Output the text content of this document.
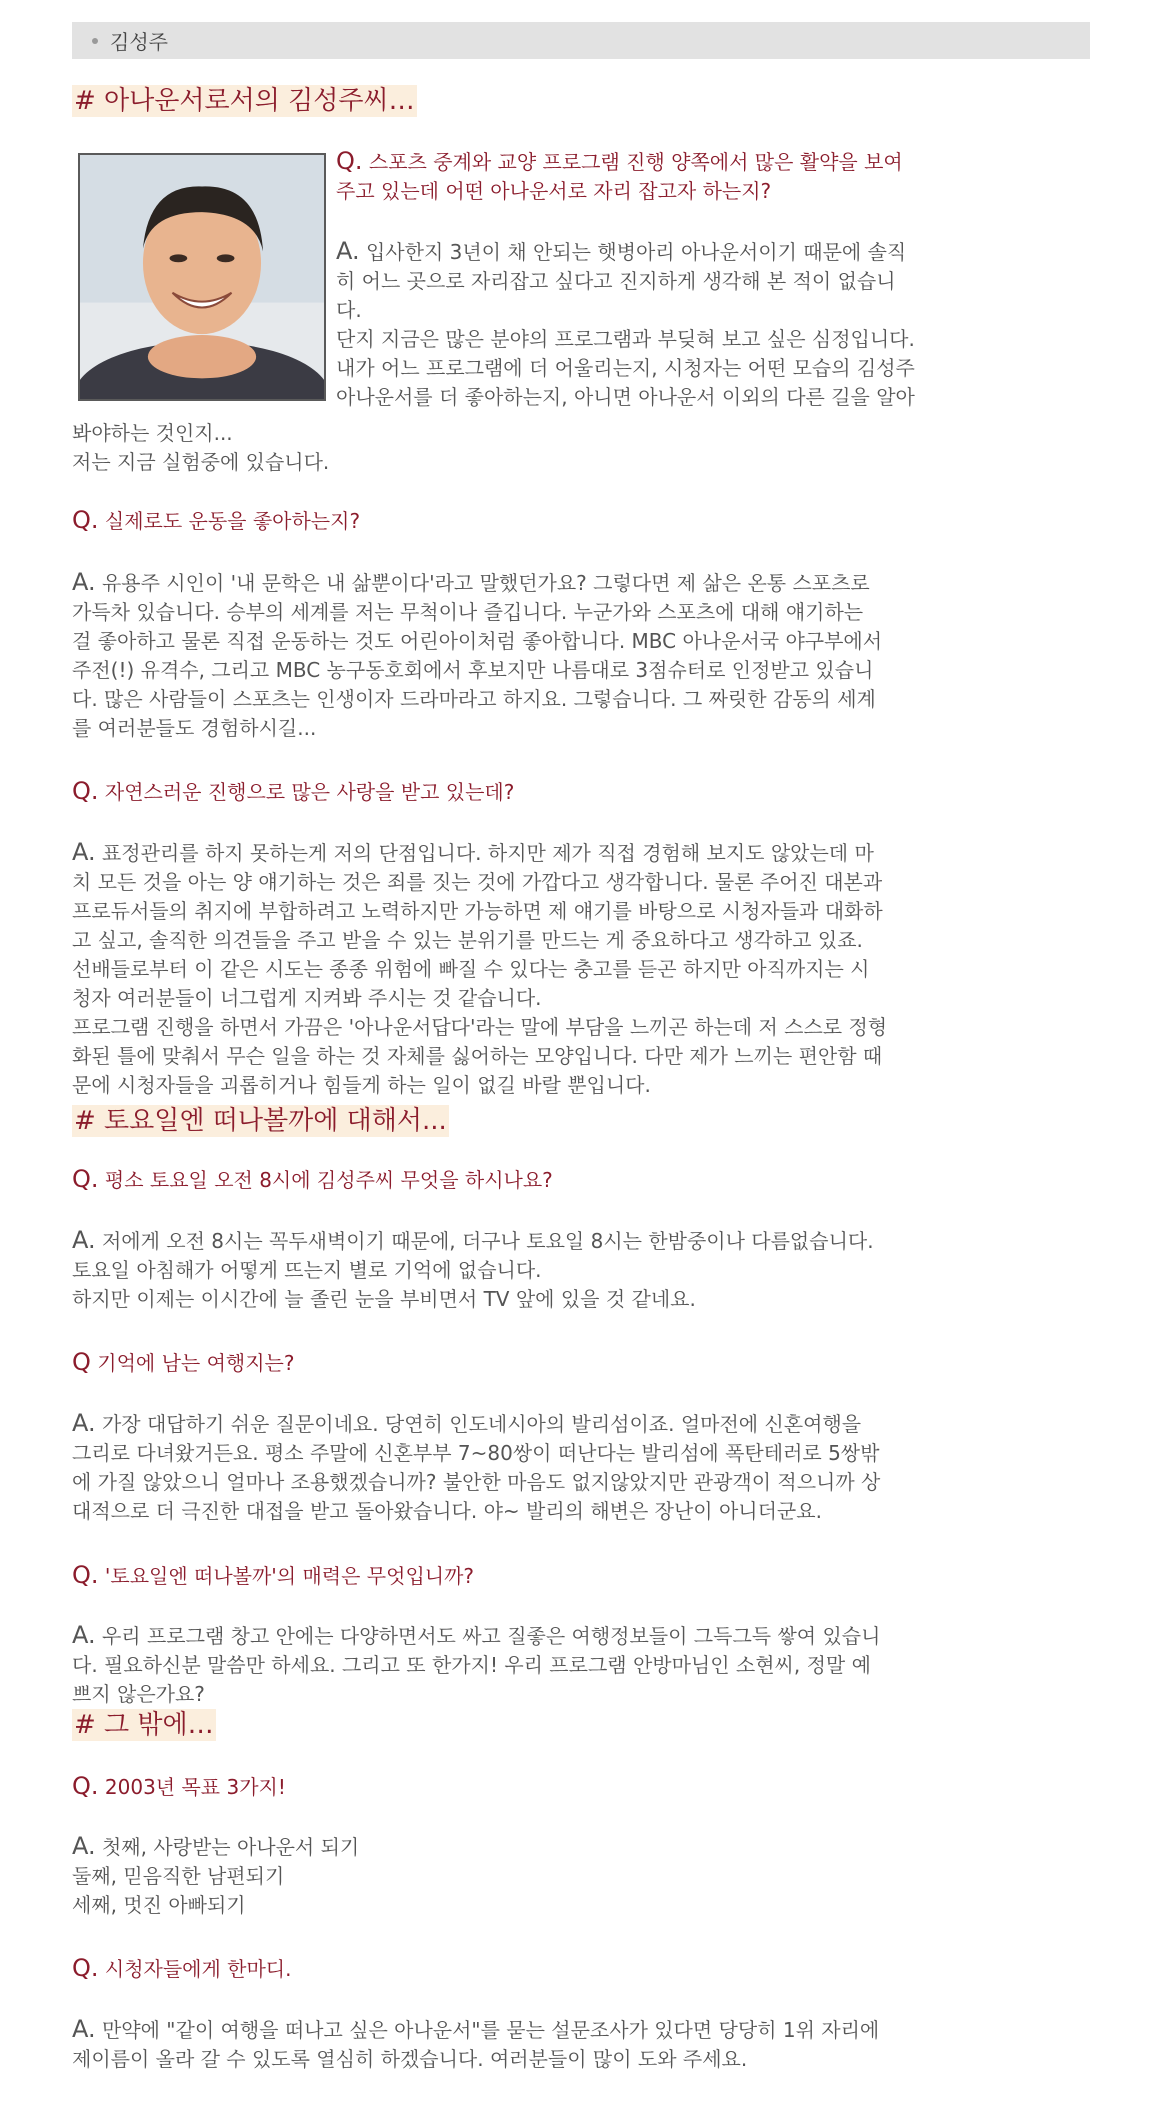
김성주
# 아나운서로서의 김성주씨…
Q. 스포츠 중계와 교양 프로그램 진행 양쪽에서 많은 활약을 보여
주고 있는데 어떤 아나운서로 자리 잡고자 하는지?
A. 입사한지 3년이 채 안되는 햇병아리 아나운서이기 때문에 솔직
히 어느 곳으로 자리잡고 싶다고 진지하게 생각해 본 적이 없습니
다.
단지 지금은 많은 분야의 프로그램과 부딪혀 보고 싶은 심정입니다.
내가 어느 프로그램에 더 어울리는지, 시청자는 어떤 모습의 김성주
아나운서를 더 좋아하는지, 아니면 아나운서 이외의 다른 길을 알아
봐야하는 것인지...
저는 지금 실험중에 있습니다.
Q. 실제로도 운동을 좋아하는지?
A. 유용주 시인이 '내 문학은 내 삶뿐이다'라고 말했던가요? 그렇다면 제 삶은 온통 스포츠로
가득차 있습니다. 승부의 세계를 저는 무척이나 즐깁니다. 누군가와 스포츠에 대해 얘기하는
걸 좋아하고 물론 직접 운동하는 것도 어린아이처럼 좋아합니다. MBC 아나운서국 야구부에서
주전(!) 유격수, 그리고 MBC 농구동호회에서 후보지만 나름대로 3점슈터로 인정받고 있습니
다. 많은 사람들이 스포츠는 인생이자 드라마라고 하지요. 그렇습니다. 그 짜릿한 감동의 세계
를 여러분들도 경험하시길...
Q. 자연스러운 진행으로 많은 사랑을 받고 있는데?
A. 표정관리를 하지 못하는게 저의 단점입니다. 하지만 제가 직접 경험해 보지도 않았는데 마
치 모든 것을 아는 양 얘기하는 것은 죄를 짓는 것에 가깝다고 생각합니다. 물론 주어진 대본과
프로듀서들의 취지에 부합하려고 노력하지만 가능하면 제 얘기를 바탕으로 시청자들과 대화하
고 싶고, 솔직한 의견들을 주고 받을 수 있는 분위기를 만드는 게 중요하다고 생각하고 있죠.
선배들로부터 이 같은 시도는 종종 위험에 빠질 수 있다는 충고를 듣곤 하지만 아직까지는 시
청자 여러분들이 너그럽게 지켜봐 주시는 것 같습니다.
프로그램 진행을 하면서 가끔은 '아나운서답다'라는 말에 부담을 느끼곤 하는데 저 스스로 정형
화된 틀에 맞춰서 무슨 일을 하는 것 자체를 싫어하는 모양입니다. 다만 제가 느끼는 편안함 때
문에 시청자들을 괴롭히거나 힘들게 하는 일이 없길 바랄 뿐입니다.
# 토요일엔 떠나볼까에 대해서...
Q. 평소 토요일 오전 8시에 김성주씨 무엇을 하시나요?
A. 저에게 오전 8시는 꼭두새벽이기 때문에, 더구나 토요일 8시는 한밤중이나 다름없습니다.
토요일 아침해가 어떻게 뜨는지 별로 기억에 없습니다.
하지만 이제는 이시간에 늘 졸린 눈을 부비면서 TV 앞에 있을 것 같네요.
Q 기억에 남는 여행지는?
A. 가장 대답하기 쉬운 질문이네요. 당연히 인도네시아의 발리섬이죠. 얼마전에 신혼여행을
그리로 다녀왔거든요. 평소 주말에 신혼부부 7~80쌍이 떠난다는 발리섬에 폭탄테러로 5쌍밖
에 가질 않았으니 얼마나 조용했겠습니까? 불안한 마음도 없지않았지만 관광객이 적으니까 상
대적으로 더 극진한 대접을 받고 돌아왔습니다. 야~ 발리의 해변은 장난이 아니더군요.
Q. '토요일엔 떠나볼까'의 매력은 무엇입니까?
A. 우리 프로그램 창고 안에는 다양하면서도 싸고 질좋은 여행정보들이 그득그득 쌓여 있습니
다. 필요하신분 말씀만 하세요. 그리고 또 한가지! 우리 프로그램 안방마님인 소현씨, 정말 예
쁘지 않은가요?
# 그 밖에…
Q. 2003년 목표 3가지!
A. 첫째, 사랑받는 아나운서 되기
둘째, 믿음직한 남편되기
세째, 멋진 아빠되기
Q. 시청자들에게 한마디.
A. 만약에 "같이 여행을 떠나고 싶은 아나운서"를 묻는 설문조사가 있다면 당당히 1위 자리에
제이름이 올라 갈 수 있도록 열심히 하겠습니다. 여러분들이 많이 도와 주세요.
